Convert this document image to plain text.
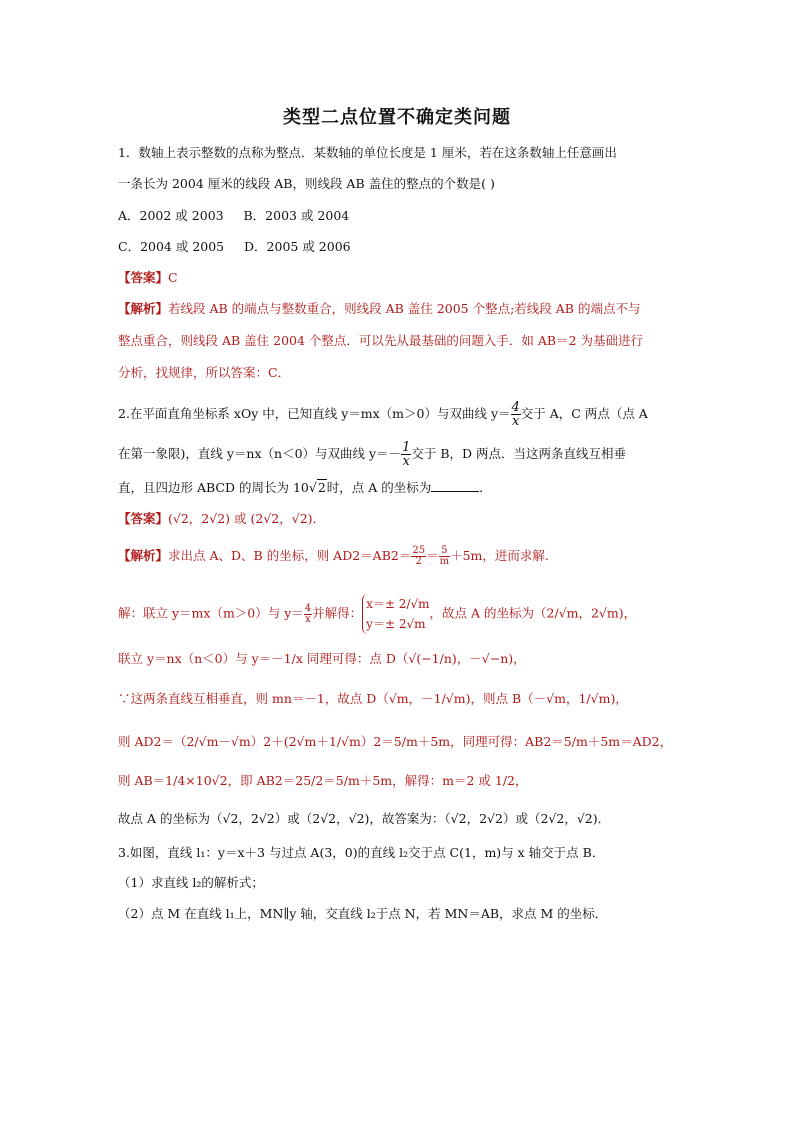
类型二点位置不确定类问题
1．数轴上表示整数的点称为整点．某数轴的单位长度是 1 厘米，若在这条数轴上任意画出
一条长为 2004 厘米的线段 AB，则线段 AB 盖住的整点的个数是( )
A．2002 或 2003 B．2003 或 2004
C．2004 或 2005 D．2005 或 2006
【答案】C
【解析】若线段 AB 的端点与整数重合，则线段 AB 盖住 2005 个整点;若线段 AB 的端点不与
整点重合，则线段 AB 盖住 2004 个整点．可以先从最基础的问题入手．如 AB＝2 为基础进行
分析，找规律，所以答案：C．
2.在平面直角坐标系 xOy 中，已知直线 y＝mx（m＞0）与双曲线 $y= \frac{4}{x}$ 交于 A，C 两点（点 A
在第一象限)，直线 y＝nx（n＜0）与双曲线 $y=- \frac{1}{x}$ 交于 B，D 两点．当这两条直线互相垂
直，且四边形 ABCD 的周长为 10√2时，点 A 的坐标为	．
【答案】(√2，2√2) 或 (2√2，√2)．
【解析】求出点 A、D、B 的坐标，则 $AD2=AB2= \frac{25}{2} = \frac{5}{m} +5m$，进而求解．
解：联立 y＝mx（m＞0）与 $y= \frac{4}{x}$ 并解得：
x＝± 2/√m
y＝± 2√m
，故点 A 的坐标为（2/√m，2√m)，
联立 y＝nx（n＜0）与 y＝－1/x 同理可得：点 D（√(−1/n)，－√−n)，
∵这两条直线互相垂直，则 mn＝－1，故点 D（√m，－1/√m)，则点 B（－√m，1/√m)，
则 AD2＝（2/√m－√m）2＋(2√m＋1/√m）2＝5/m＋5m，同理可得：AB2＝5/m＋5m＝AD2，
则 AB＝1/4×10√2，即 AB2＝25/2＝5/m＋5m，解得：m＝2 或 1/2，
故点 A 的坐标为（√2，2√2）或（2√2，√2)，故答案为：（√2，2√2）或（2√2，√2)．
3.如图，直线 l₁：y＝x＋3 与过点 A(3，0)的直线 l₂交于点 C(1，m)与 x 轴交于点 B．
（1）求直线 l₂的解析式；
（2）点 M 在直线 l₁上，MN∥y 轴，交直线 l₂于点 N，若 MN＝AB，求点 M 的坐标．
